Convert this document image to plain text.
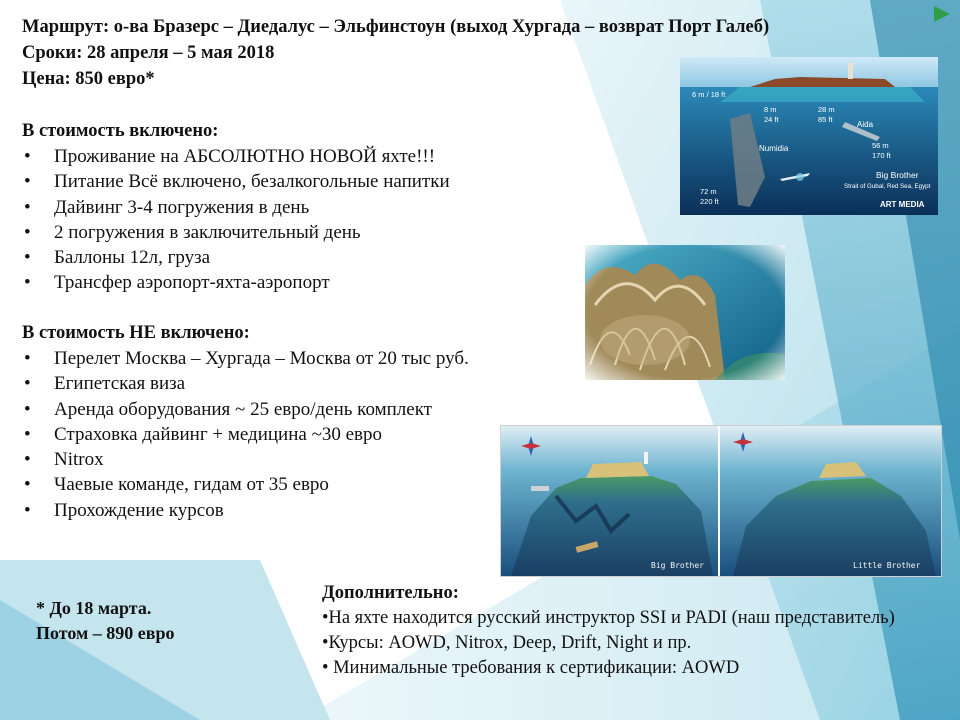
Маршрут: о-ва Бразерс – Диедалус – Эльфинстоун (выход Хургада – возврат Порт Галеб)
Сроки: 28 апреля – 5 мая 2018
Цена: 850 евро*

В стоимость включено:

• Проживание на АБСОЛЮТНО НОВОЙ яхте!!!
• Питание Всё включено, безалкогольные напитки
• Дайвинг 3-4 погружения в день
• 2 погружения в заключительный день
• Баллоны 12л, груза
• Трансфер аэропорт-яхта-аэропорт

В стоимость НЕ включено:

• Перелет Москва – Хургада – Москва от 20 тыс руб.
• Египетская виза
• Аренда оборудования ~ 25 евро/день комплект
• Страховка дайвинг + медицина ~30 евро
• Nitrox
• Чаевые команде, гидам от 35 евро
• Прохождение курсов
* До 18 марта.
Потом – 890 евро
Дополнительно:
•На яхте находится русский инструктор SSI и PADI (наш представитель)
•Курсы: AOWD, Nitrox, Deep, Drift, Night и пр.
• Минимальные требования к сертификации: AOWD
6 m / 18 ft
8 m
24 ft
28 m
85 ft
Numidia
Aida
56 m
170 ft
72 m
220 ft
Big Brother
Strait of Gubal, Red Sea, Egypt
ART MEDIA
Big Brother	Little Brother
